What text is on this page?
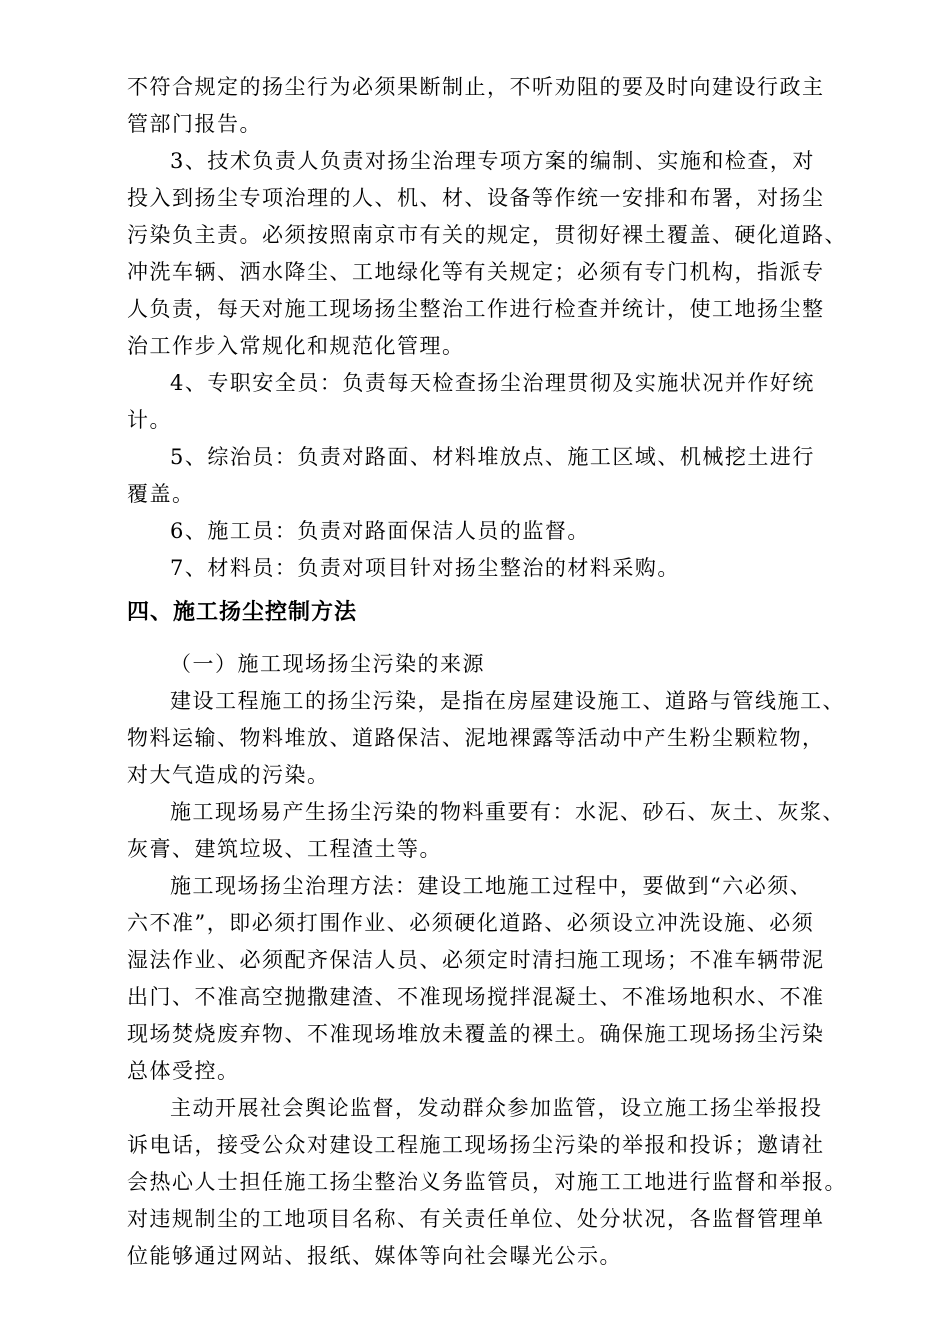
不符合规定的扬尘行为必须果断制止，不听劝阻的要及时向建设行政主
管部门报告。
3、技术负责人负责对扬尘治理专项方案的编制、实施和检查，对
投入到扬尘专项治理的人、机、材、设备等作统一安排和布署，对扬尘
污染负主责。必须按照南京市有关的规定，贯彻好裸土覆盖、硬化道路、
冲洗车辆、洒水降尘、工地绿化等有关规定；必须有专门机构，指派专
人负责，每天对施工现场扬尘整治工作进行检查并统计，使工地扬尘整
治工作步入常规化和规范化管理。
4、专职安全员：负责每天检查扬尘治理贯彻及实施状况并作好统
计。
5、综治员：负责对路面、材料堆放点、施工区域、机械挖土进行
覆盖。
6、施工员：负责对路面保洁人员的监督。
7、材料员：负责对项目针对扬尘整治的材料采购。
四、施工扬尘控制方法
（一）施工现场扬尘污染的来源
建设工程施工的扬尘污染，是指在房屋建设施工、道路与管线施工、
物料运输、物料堆放、道路保洁、泥地裸露等活动中产生粉尘颗粒物，
对大气造成的污染。
施工现场易产生扬尘污染的物料重要有：水泥、砂石、灰土、灰浆、
灰膏、建筑垃圾、工程渣土等。
施工现场扬尘治理方法：建设工地施工过程中，要做到“六必须、
六不准”，即必须打围作业、必须硬化道路、必须设立冲洗设施、必须
湿法作业、必须配齐保洁人员、必须定时清扫施工现场；不准车辆带泥
出门、不准高空抛撒建渣、不准现场搅拌混凝土、不准场地积水、不准
现场焚烧废弃物、不准现场堆放未覆盖的裸土。确保施工现场扬尘污染
总体受控。
主动开展社会舆论监督，发动群众参加监管，设立施工扬尘举报投
诉电话，接受公众对建设工程施工现场扬尘污染的举报和投诉；邀请社
会热心人士担任施工扬尘整治义务监管员，对施工工地进行监督和举报。
对违规制尘的工地项目名称、有关责任单位、处分状况，各监督管理单
位能够通过网站、报纸、媒体等向社会曝光公示。
